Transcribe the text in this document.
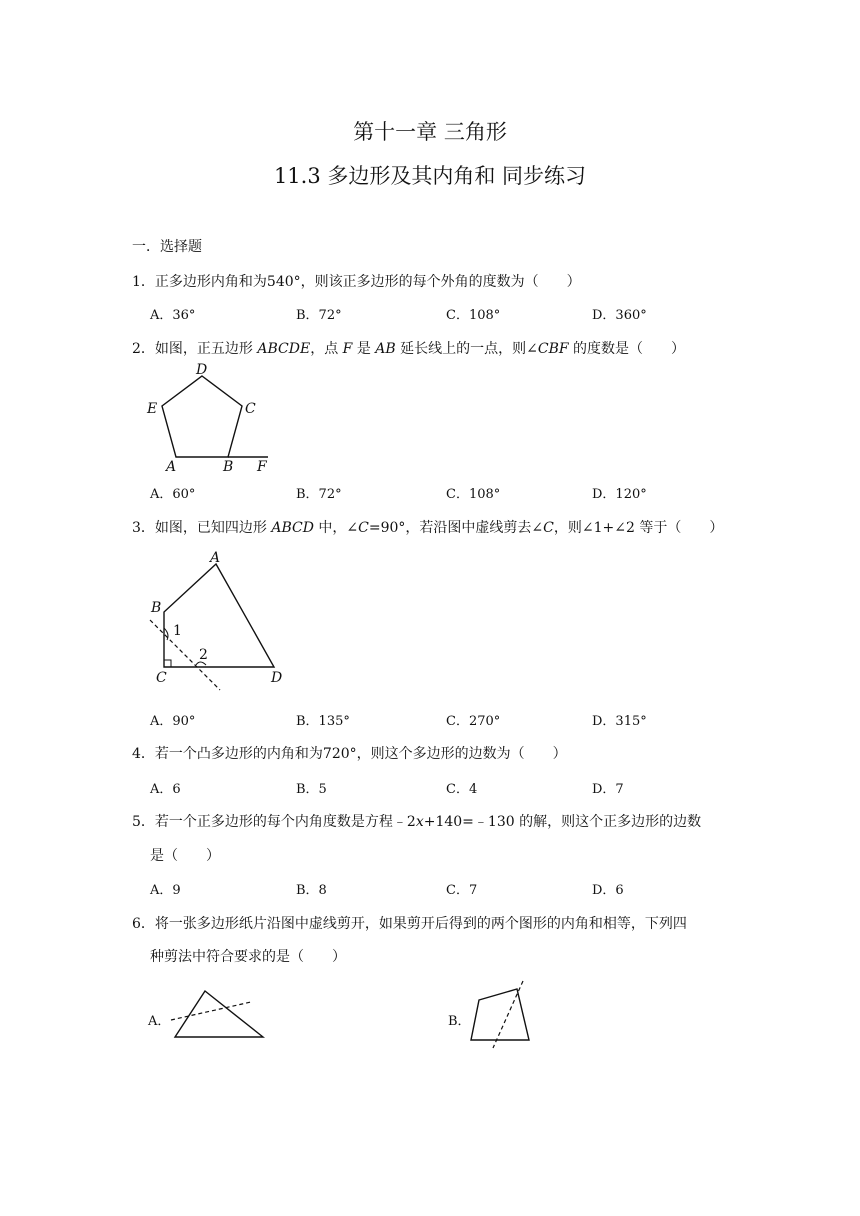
第十一章 三角形
11.3 多边形及其内角和 同步练习
一．选择题
1．正多边形内角和为540°，则该正多边形的每个外角的度数为（　　）
A．36°	B．72°	C．108°	D．360°
2．如图，正五边形 ABCDE，点 F 是 AB 延长线上的一点，则∠CBF 的度数是（　　）
D
C
E
A	B F
A．60°	B．72°	C．108°	D．120°
3．如图，已知四边形 ABCD 中，∠C=90°，若沿图中虚线剪去∠C，则∠1+∠2 等于（　　）
A
B
C	D
1
2
A．90°	B．135°	C．270°	D．315°
4．若一个凸多边形的内角和为720°，则这个多边形的边数为（　　）
A．6	B．5	C．4	D．7
5．若一个正多边形的每个内角度数是方程﹣2x+140=﹣130 的解，则这个正多边形的边数
是（　　）
A．9	B．8	C．7	D．6
6．将一张多边形纸片沿图中虚线剪开，如果剪开后得到的两个图形的内角和相等，下列四
种剪法中符合要求的是（　　）
A．	B．
